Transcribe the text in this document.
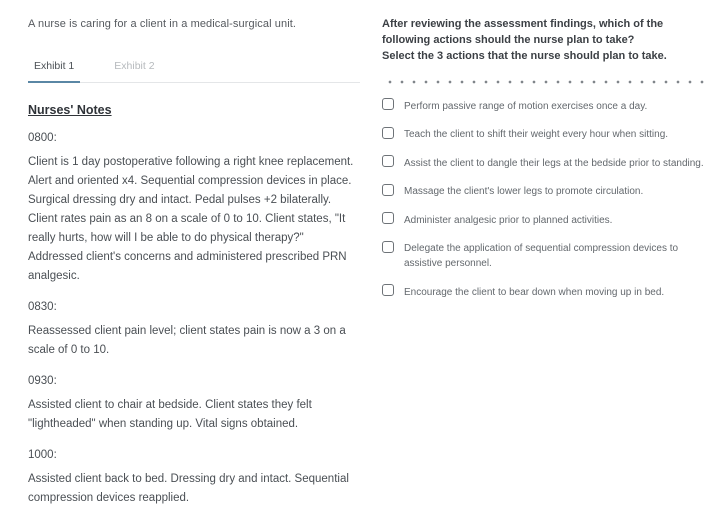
A nurse is caring for a client in a medical-surgical unit.
Exhibit 1	Exhibit 2
Nurses' Notes
0800:
Client is 1 day postoperative following a right knee replacement. Alert and oriented x4. Sequential compression devices in place. Surgical dressing dry and intact. Pedal pulses +2 bilaterally. Client rates pain as an 8 on a scale of 0 to 10. Client states, "It really hurts, how will I be able to do physical therapy?" Addressed client's concerns and administered prescribed PRN analgesic.
0830:
Reassessed client pain level; client states pain is now a 3 on a scale of 0 to 10.
0930:
Assisted client to chair at bedside. Client states they felt "lightheaded" when standing up. Vital signs obtained.
1000:
Assisted client back to bed. Dressing dry and intact. Sequential compression devices reapplied.
After reviewing the assessment findings, which of the following actions should the nurse plan to take?
Select the 3 actions that the nurse should plan to take.
Perform passive range of motion exercises once a day.
Teach the client to shift their weight every hour when sitting.
Assist the client to dangle their legs at the bedside prior to standing.
Massage the client's lower legs to promote circulation.
Administer analgesic prior to planned activities.
Delegate the application of sequential compression devices to assistive personnel.
Encourage the client to bear down when moving up in bed.
